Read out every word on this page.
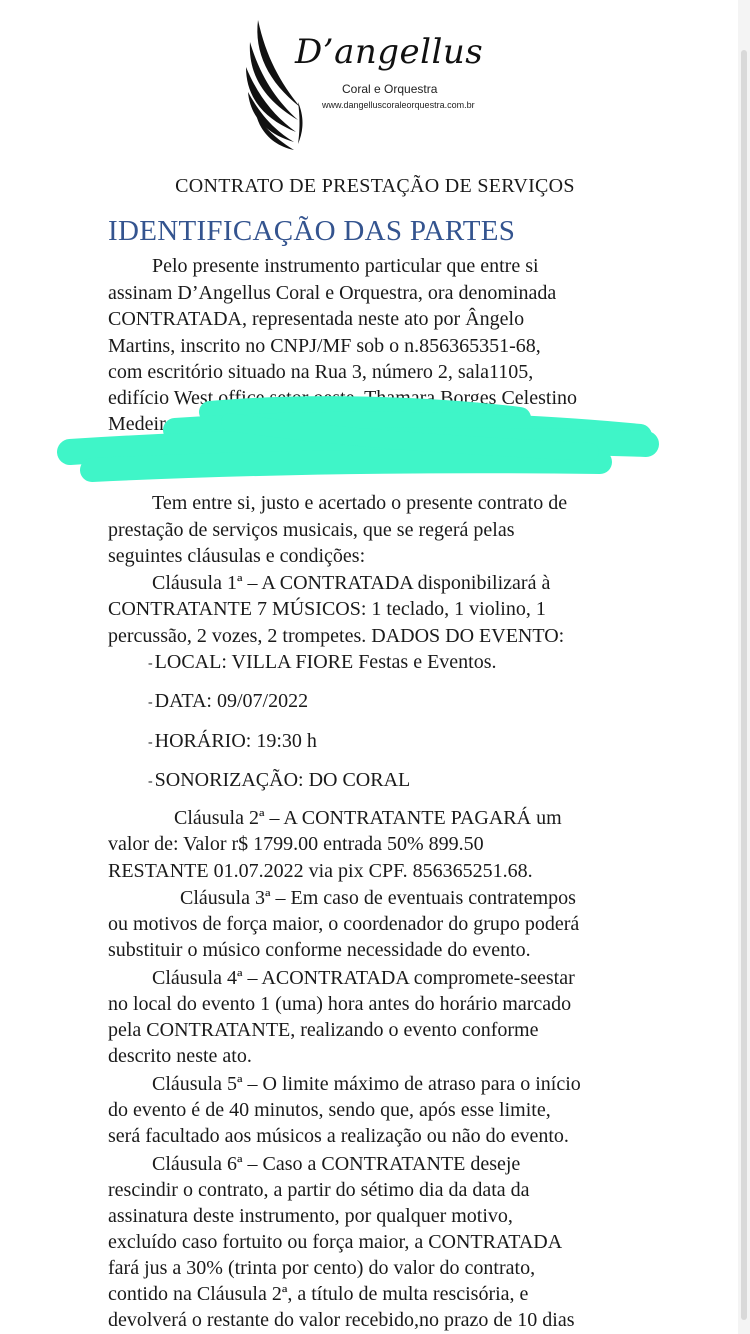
D’angellus
Coral e Orquestra
www.dangelluscoraleorquestra.com.br
CONTRATO DE PRESTAÇÃO DE SERVIÇOS
IDENTIFICAÇÃO DAS PARTES
Pelo presente instrumento particular que entre si
assinam D’Angellus Coral e Orquestra, ora denominada
CONTRATADA, representada neste ato por Ângelo
Martins, inscrito no CNPJ/MF sob o n.856365351-68,
com escritório situado na Rua 3, número 2, sala1105,
edifício West office setor oeste. Thamara Borges Celestino
Medeiros
Rua
Tem entre si, justo e acertado o presente contrato de
prestação de serviços musicais, que se regerá pelas
seguintes cláusulas e condições:
Cláusula 1ª – A CONTRATADA disponibilizará à
CONTRATANTE 7 MÚSICOS: 1 teclado, 1 violino, 1
percussão, 2 vozes, 2 trompetes. DADOS DO EVENTO:
- LOCAL: VILLA FIORE Festas e Eventos.
- DATA: 09/07/2022
- HORÁRIO: 19:30 h
- SONORIZAÇÃO: DO CORAL
Cláusula 2ª – A CONTRATANTE PAGARÁ um
valor de: Valor r$ 1799.00 entrada 50% 899.50
RESTANTE 01.07.2022 via pix CPF. 856365251.68.
Cláusula 3ª – Em caso de eventuais contratempos
ou motivos de força maior, o coordenador do grupo poderá
substituir o músico conforme necessidade do evento.
Cláusula 4ª – ACONTRATADA compromete-seestar
no local do evento 1 (uma) hora antes do horário marcado
pela CONTRATANTE, realizando o evento conforme
descrito neste ato.
Cláusula 5ª – O limite máximo de atraso para o início
do evento é de 40 minutos, sendo que, após esse limite,
será facultado aos músicos a realização ou não do evento.
Cláusula 6ª – Caso a CONTRATANTE deseje
rescindir o contrato, a partir do sétimo dia da data da
assinatura deste instrumento, por qualquer motivo,
excluído caso fortuito ou força maior, a CONTRATADA
fará jus a 30% (trinta por cento) do valor do contrato,
contido na Cláusula 2ª, a título de multa rescisória, e
devolverá o restante do valor recebido,no prazo de 10 dias
